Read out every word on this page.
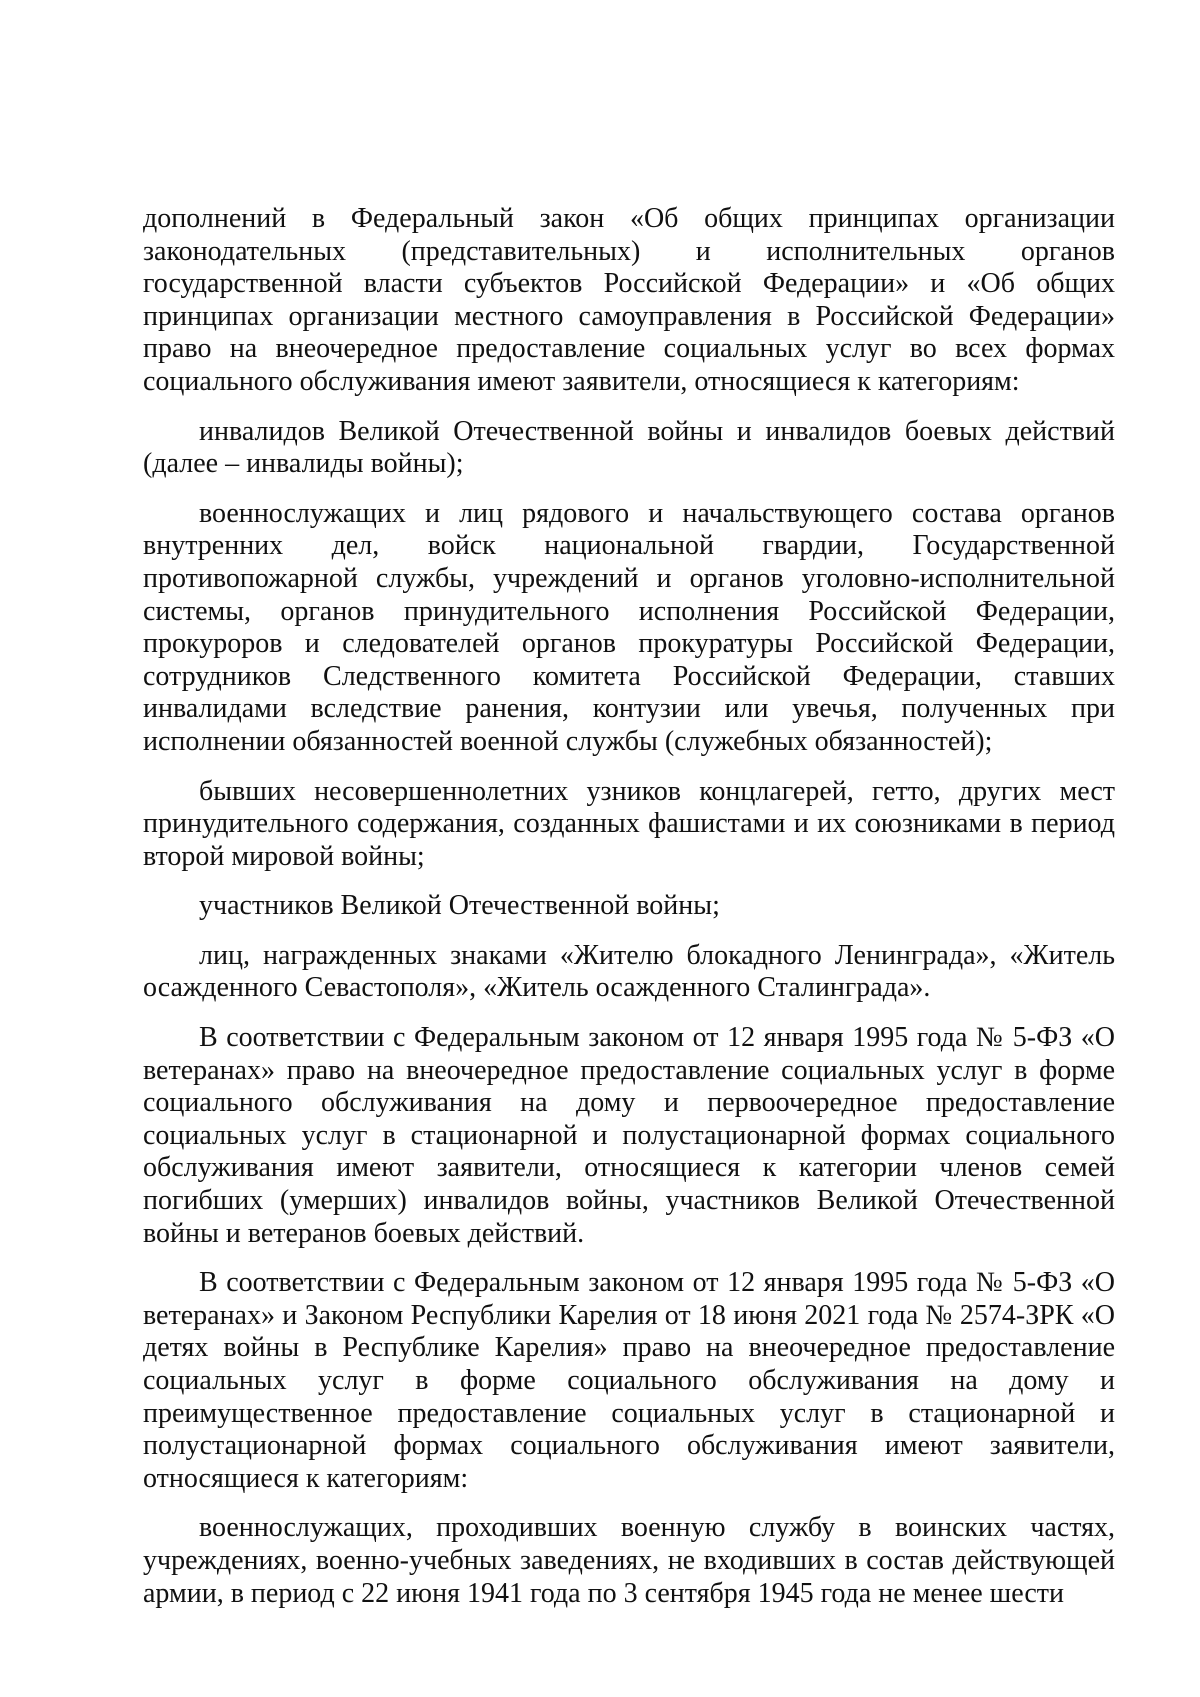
дополнений в Федеральный закон «Об общих принципах организации законодательных (представительных) и исполнительных органов государственной власти субъектов Российской Федерации» и «Об общих принципах организации местного самоуправления в Российской Федерации» право на внеочередное предоставление социальных услуг во всех формах социального обслуживания имеют заявители, относящиеся к категориям:

инвалидов Великой Отечественной войны и инвалидов боевых действий (далее – инвалиды войны);

военнослужащих и лиц рядового и начальствующего состава органов внутренних дел, войск национальной гвардии, Государственной противопожарной службы, учреждений и органов уголовно-исполнительной системы, органов принудительного исполнения Российской Федерации, прокуроров и следователей органов прокуратуры Российской Федерации, сотрудников Следственного комитета Российской Федерации, ставших инвалидами вследствие ранения, контузии или увечья, полученных при исполнении обязанностей военной службы (служебных обязанностей);

бывших несовершеннолетних узников концлагерей, гетто, других мест принудительного содержания, созданных фашистами и их союзниками в период второй мировой войны;

участников Великой Отечественной войны;

лиц, награжденных знаками «Жителю блокадного Ленинграда», «Житель осажденного Севастополя», «Житель осажденного Сталинграда».

В соответствии с Федеральным законом от 12 января 1995 года № 5-ФЗ «О ветеранах» право на внеочередное предоставление социальных услуг в форме социального обслуживания на дому и первоочередное предоставление социальных услуг в стационарной и полустационарной формах социального обслуживания имеют заявители, относящиеся к категории членов семей погибших (умерших) инвалидов войны, участников Великой Отечественной войны и ветеранов боевых действий.

В соответствии с Федеральным законом от 12 января 1995 года № 5-ФЗ «О ветеранах» и Законом Республики Карелия от 18 июня 2021 года № 2574-ЗРК «О детях войны в Республике Карелия» право на внеочередное предоставление социальных услуг в форме социального обслуживания на дому и преимущественное предоставление социальных услуг в стационарной и полустационарной формах социального обслуживания имеют заявители, относящиеся к категориям:

военнослужащих, проходивших военную службу в воинских частях, учреждениях, военно-учебных заведениях, не входивших в состав действующей армии, в период с 22 июня 1941 года по 3 сентября 1945 года не менее шести
